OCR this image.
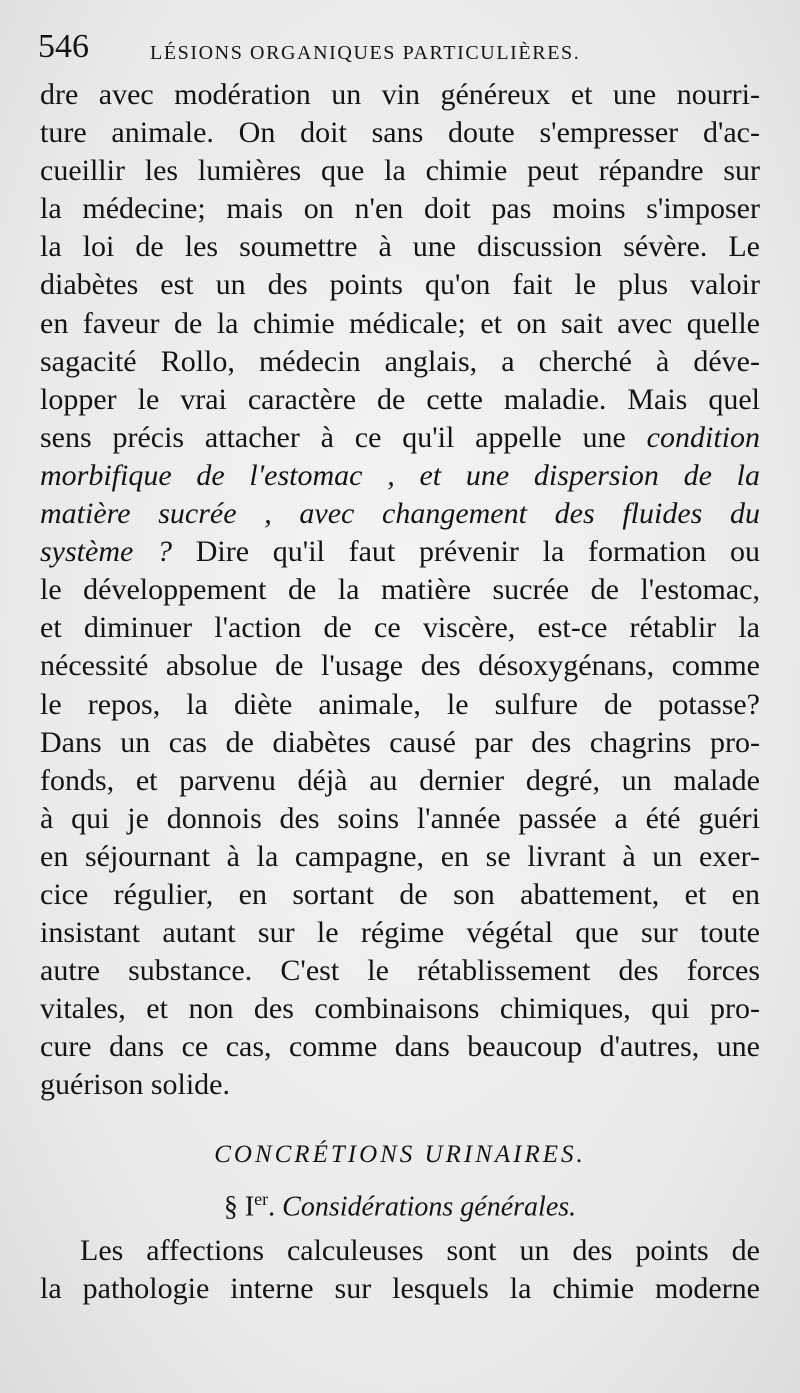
546	LÉSIONS ORGANIQUES PARTICULIÈRES.
dre avec modération un vin généreux et une nourri-
ture animale. On doit sans doute s'empresser d'ac-
cueillir les lumières que la chimie peut répandre sur
la médecine; mais on n'en doit pas moins s'imposer
la loi de les soumettre à une discussion sévère. Le
diabètes est un des points qu'on fait le plus valoir
en faveur de la chimie médicale; et on sait avec quelle
sagacité Rollo, médecin anglais, a cherché à déve-
lopper le vrai caractère de cette maladie. Mais quel
sens précis attacher à ce qu'il appelle une condition
morbifique de l'estomac , et une dispersion de la
matière sucrée , avec changement des fluides du
système ? Dire qu'il faut prévenir la formation ou
le développement de la matière sucrée de l'estomac,
et diminuer l'action de ce viscère, est-ce rétablir la
nécessité absolue de l'usage des désoxygénans, comme
le repos, la diète animale, le sulfure de potasse?
Dans un cas de diabètes causé par des chagrins pro-
fonds, et parvenu déjà au dernier degré, un malade
à qui je donnois des soins l'année passée a été guéri
en séjournant à la campagne, en se livrant à un exer-
cice régulier, en sortant de son abattement, et en
insistant autant sur le régime végétal que sur toute
autre substance. C'est le rétablissement des forces
vitales, et non des combinaisons chimiques, qui pro-
cure dans ce cas, comme dans beaucoup d'autres, une
guérison solide.
CONCRÉTIONS URINAIRES.
§ Ier. Considérations générales.
Les affections calculeuses sont un des points de
la pathologie interne sur lesquels la chimie moderne
